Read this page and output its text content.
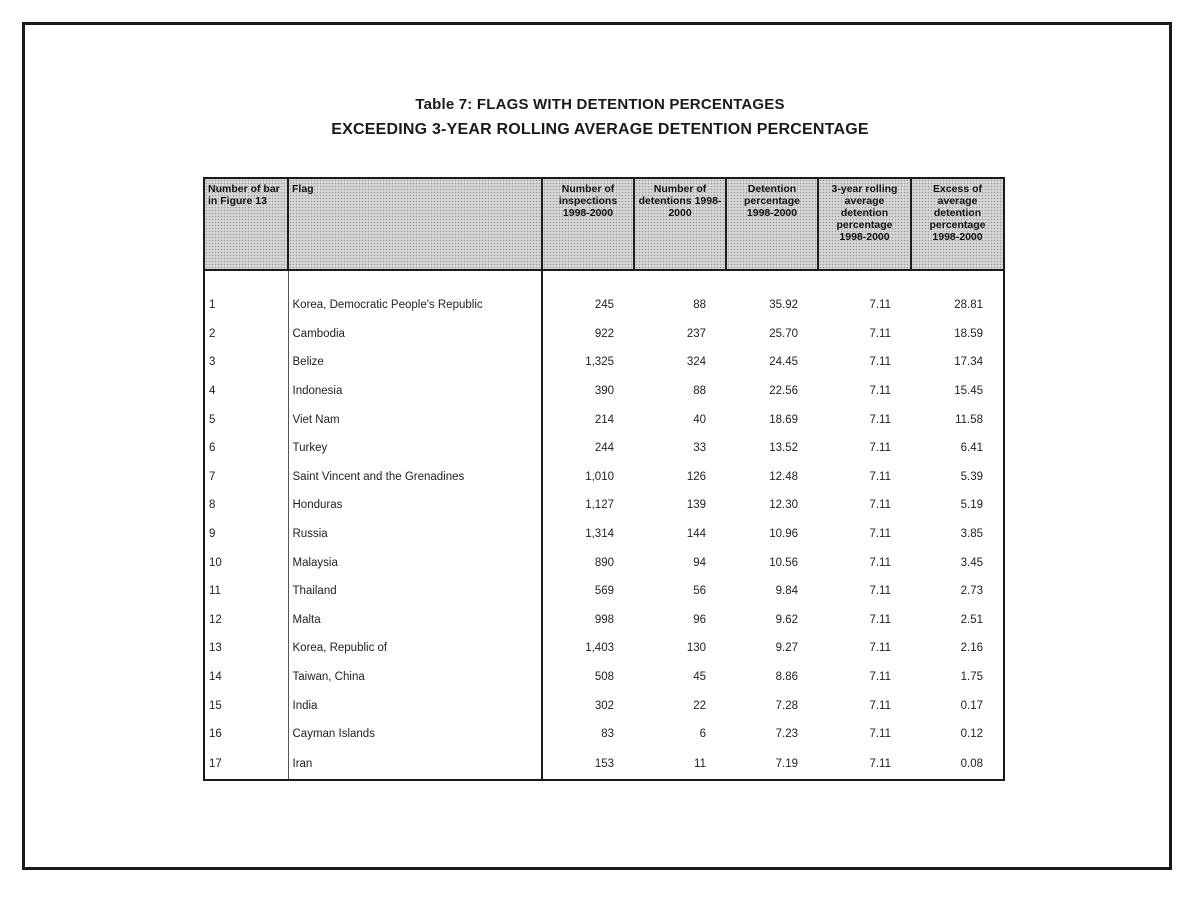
Table 7: FLAGS WITH DETENTION PERCENTAGES
EXCEEDING 3-YEAR ROLLING AVERAGE DETENTION PERCENTAGE
Number of bar in Figure 13	Flag	Number of inspections 1998-2000	Number of detentions 1998-2000	Detention percentage 1998-2000	3-year rolling average detention percentage 1998-2000	Excess of average detention percentage 1998-2000

1	Korea, Democratic People's Republic	245	88	35.92	7.11	28.81
2	Cambodia	922	237	25.70	7.11	18.59
3	Belize	1,325	324	24.45	7.11	17.34
4	Indonesia	390	88	22.56	7.11	15.45
5	Viet Nam	214	40	18.69	7.11	11.58
6	Turkey	244	33	13.52	7.11	6.41
7	Saint Vincent and the Grenadines	1,010	126	12.48	7.11	5.39
8	Honduras	1,127	139	12.30	7.11	5.19
9	Russia	1,314	144	10.96	7.11	3.85
10	Malaysia	890	94	10.56	7.11	3.45
11	Thailand	569	56	9.84	7.11	2.73
12	Malta	998	96	9.62	7.11	2.51
13	Korea, Republic of	1,403	130	9.27	7.11	2.16
14	Taiwan, China	508	45	8.86	7.11	1.75
15	India	302	22	7.28	7.11	0.17
16	Cayman Islands	83	6	7.23	7.11	0.12
17	Iran	153	11	7.19	7.11	0.08
